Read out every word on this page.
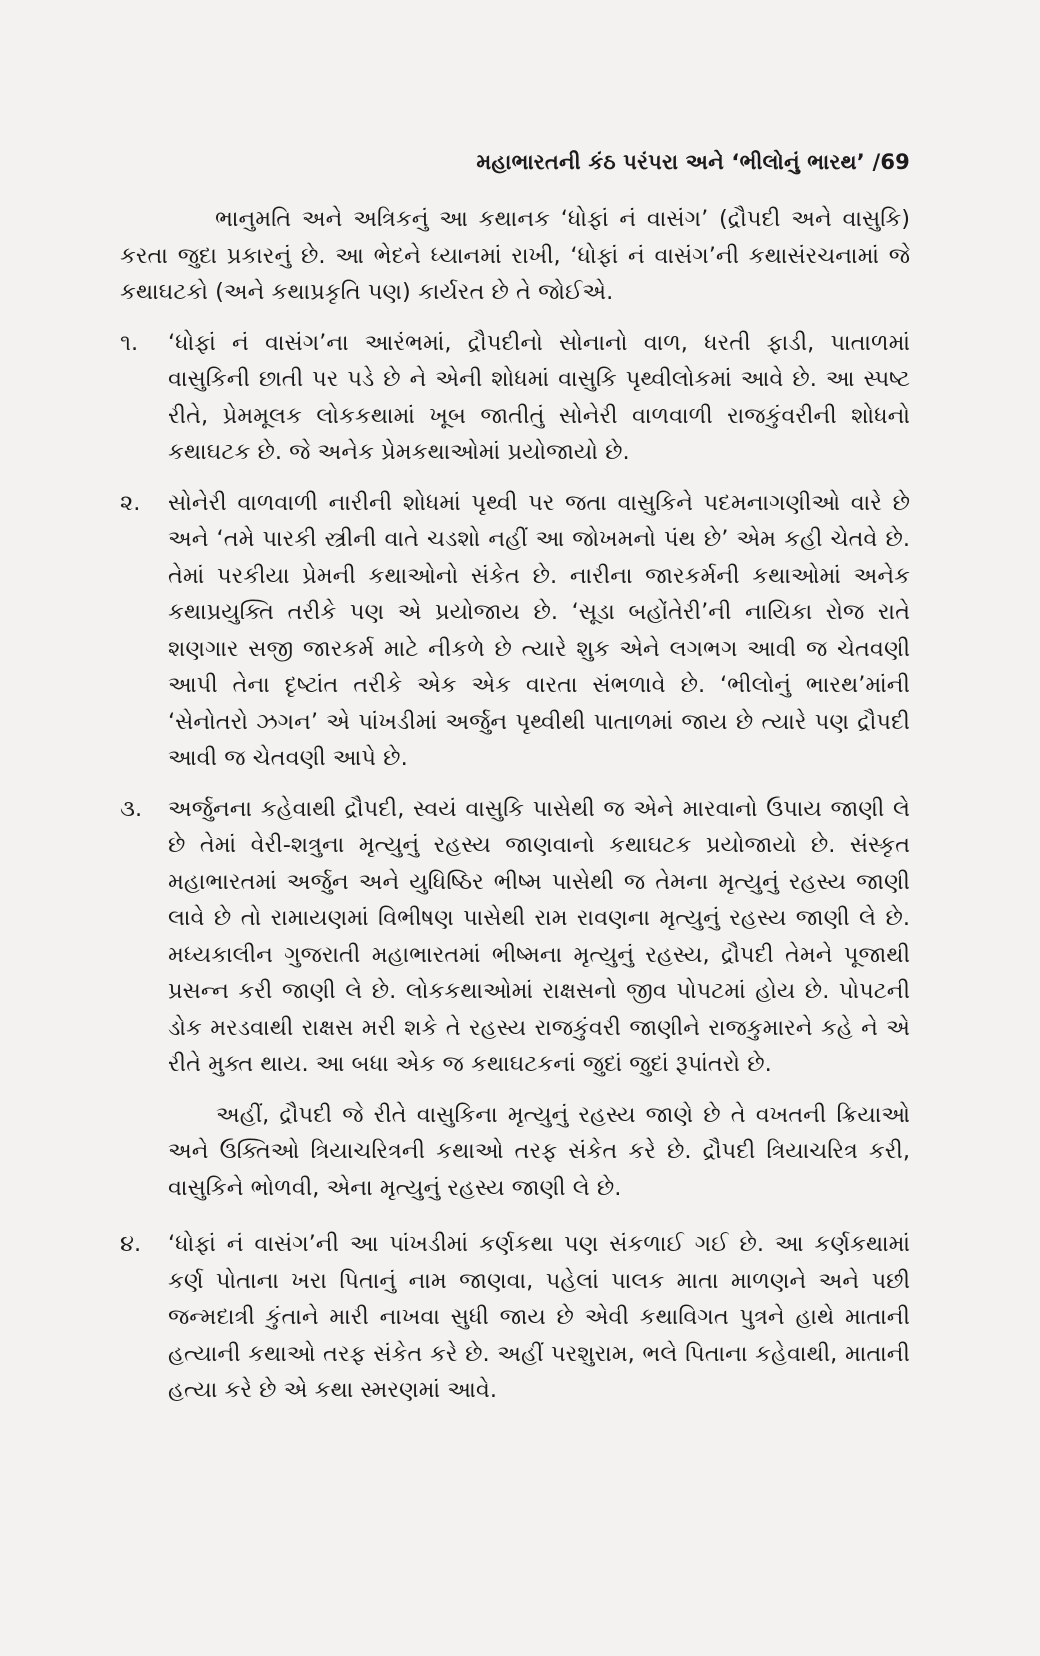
મહાભારતની કંઠ પરંપરા અને ‘ભીલોનું ભારથ’ /69

ભાનુમતિ અને અત્રિકનું આ કથાનક ‘ધોફાં નં વાસંગ’ (દ્રૌપદી અને વાસુકિ) કરતા જુદા પ્રકારનું છે. આ ભેદને ધ્યાનમાં રાખી, ‘ધોફાં નં વાસંગ’ની કથાસંરચનામાં જે કથાઘટકો (અને કથાપ્રકૃતિ પણ) કાર્યરત છે તે જોઈએ.

૧.	‘ધોફાં નં વાસંગ’ના આરંભમાં, દ્રૌપદીનો સોનાનો વાળ, ધરતી ફાડી, પાતાળમાં વાસુકિની છાતી પર પડે છે ને એની શોધમાં વાસુકિ પૃથ્વીલોકમાં આવે છે. આ સ્પષ્ટ રીતે, પ્રેમમૂલક લોકકથામાં ખૂબ જાતીતું સોનેરી વાળવાળી રાજકુંવરીની શોધનો કથાઘટક છે. જે અનેક પ્રેમકથાઓમાં પ્રયોજાયો છે.
૨.	સોનેરી વાળવાળી નારીની શોધમાં પૃથ્વી પર જતા વાસુકિને પદમનાગણીઓ વારે છે અને ‘તમે પારકી સ્ત્રીની વાતે ચડશો નહીં આ જોખમનો પંથ છે’ એમ કહી ચેતવે છે. તેમાં પરકીયા પ્રેમની કથાઓનો સંકેત છે. નારીના જારકર્મની કથાઓમાં અનેક કથાપ્રયુક્તિ તરીકે પણ એ પ્રયોજાય છે. ‘સૂડા બહોંતેરી’ની નાયિકા રોજ રાતે શણગાર સજી જારકર્મ માટે નીકળે છે ત્યારે શુક એને લગભગ આવી જ ચેતવણી આપી તેના દૃષ્ટાંત તરીકે એક એક વારતા સંભળાવે છે. ‘ભીલોનું ભારથ’માંની ‘સેનોતરો ઝગન’ એ પાંખડીમાં અર્જુન પૃથ્વીથી પાતાળમાં જાય છે ત્યારે પણ દ્રૌપદી આવી જ ચેતવણી આપે છે.
૩.	અર્જુનના કહેવાથી દ્રૌપદી, સ્વયં વાસુકિ પાસેથી જ એને મારવાનો ઉપાય જાણી લે છે તેમાં વેરી-શત્રુના મૃત્યુનું રહસ્ય જાણવાનો કથાઘટક પ્રયોજાયો છે. સંસ્કૃત મહાભારતમાં અર્જુન અને યુધિષ્ઠિર ભીષ્મ પાસેથી જ તેમના મૃત્યુનું રહસ્ય જાણી લાવે છે તો રામાયણમાં વિભીષણ પાસેથી રામ રાવણના મૃત્યુનું રહસ્ય જાણી લે છે. મધ્યકાલીન ગુજરાતી મહાભારતમાં ભીષ્મના મૃત્યુનું રહસ્ય, દ્રૌપદી તેમને પૂજાથી પ્રસન્ન કરી જાણી લે છે. લોકકથાઓમાં રાક્ષસનો જીવ પોપટમાં હોય છે. પોપટની ડોક મરડવાથી રાક્ષસ મરી શકે તે રહસ્ય રાજકુંવરી જાણીને રાજકુમારને કહે ને એ રીતે મુક્ત થાય. આ બધા એક જ કથાઘટકનાં જુદાં જુદાં રૂપાંતરો છે.

અહીં, દ્રૌપદી જે રીતે વાસુકિના મૃત્યુનું રહસ્ય જાણે છે તે વખતની ક્રિયાઓ અને ઉક્તિઓ ત્રિયાચરિત્રની કથાઓ તરફ સંકેત કરે છે. દ્રૌપદી ત્રિયાચરિત્ર કરી, વાસુકિને ભોળવી, એના મૃત્યુનું રહસ્ય જાણી લે છે.

૪.	‘ધોફાં નં વાસંગ’ની આ પાંખડીમાં કર્ણકથા પણ સંકળાઈ ગઈ છે. આ કર્ણકથામાં કર્ણ પોતાના ખરા પિતાનું નામ જાણવા, પહેલાં પાલક માતા માળણને અને પછી જન્મદાત્રી કુંતાને મારી નાખવા સુધી જાય છે એવી કથાવિગત પુત્રને હાથે માતાની હત્યાની કથાઓ તરફ સંકેત કરે છે. અહીં પરશુરામ, ભલે પિતાના કહેવાથી, માતાની હત્યા કરે છે એ કથા સ્મરણમાં આવે.
